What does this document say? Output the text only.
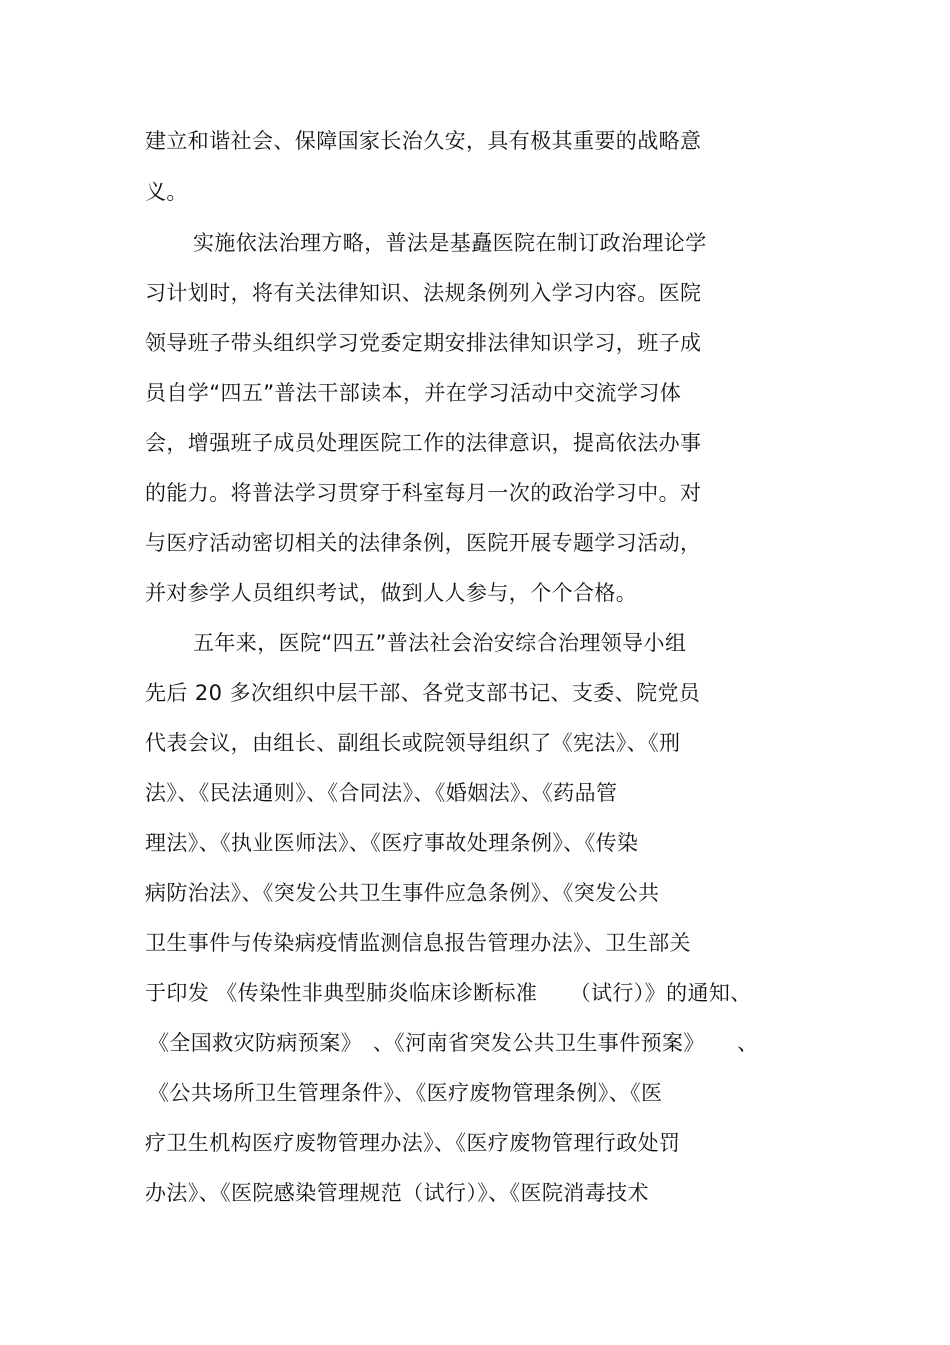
建立和谐社会、保障国家长治久安，具有极其重要的战略意
义。
实施依法治理方略，普法是基矗医院在制订政治理论学
习计划时，将有关法律知识、法规条例列入学习内容。医院
领导班子带头组织学习党委定期安排法律知识学习，班子成
员自学“四五”普法干部读本，并在学习活动中交流学习体
会，增强班子成员处理医院工作的法律意识，提高依法办事
的能力。将普法学习贯穿于科室每月一次的政治学习中。对
与医疗活动密切相关的法律条例，医院开展专题学习活动，
并对参学人员组织考试，做到人人参与，个个合格。
五年来，医院“四五”普法社会治安综合治理领导小组
先后 20 多次组织中层干部、各党支部书记、支委、院党员
代表会议，由组长、副组长或院领导组织了《宪法》、《刑
法》、《民法通则》、《合同法》、《婚姻法》、《药品管
理法》、《执业医师法》、《医疗事故处理条例》、《传染
病防治法》、《突发公共卫生事件应急条例》、《突发公共
卫生事件与传染病疫情监测信息报告管理办法》、卫生部关
于印发 《传染性非典型肺炎临床诊断标准　　（试行）》的通知、
《全国救灾防病预案》　、《河南省突发公共卫生事件预案》　　、
《公共场所卫生管理条件》、《医疗废物管理条例》、《医
疗卫生机构医疗废物管理办法》、《医疗废物管理行政处罚
办法》、《医院感染管理规范（试行）》、《医院消毒技术
